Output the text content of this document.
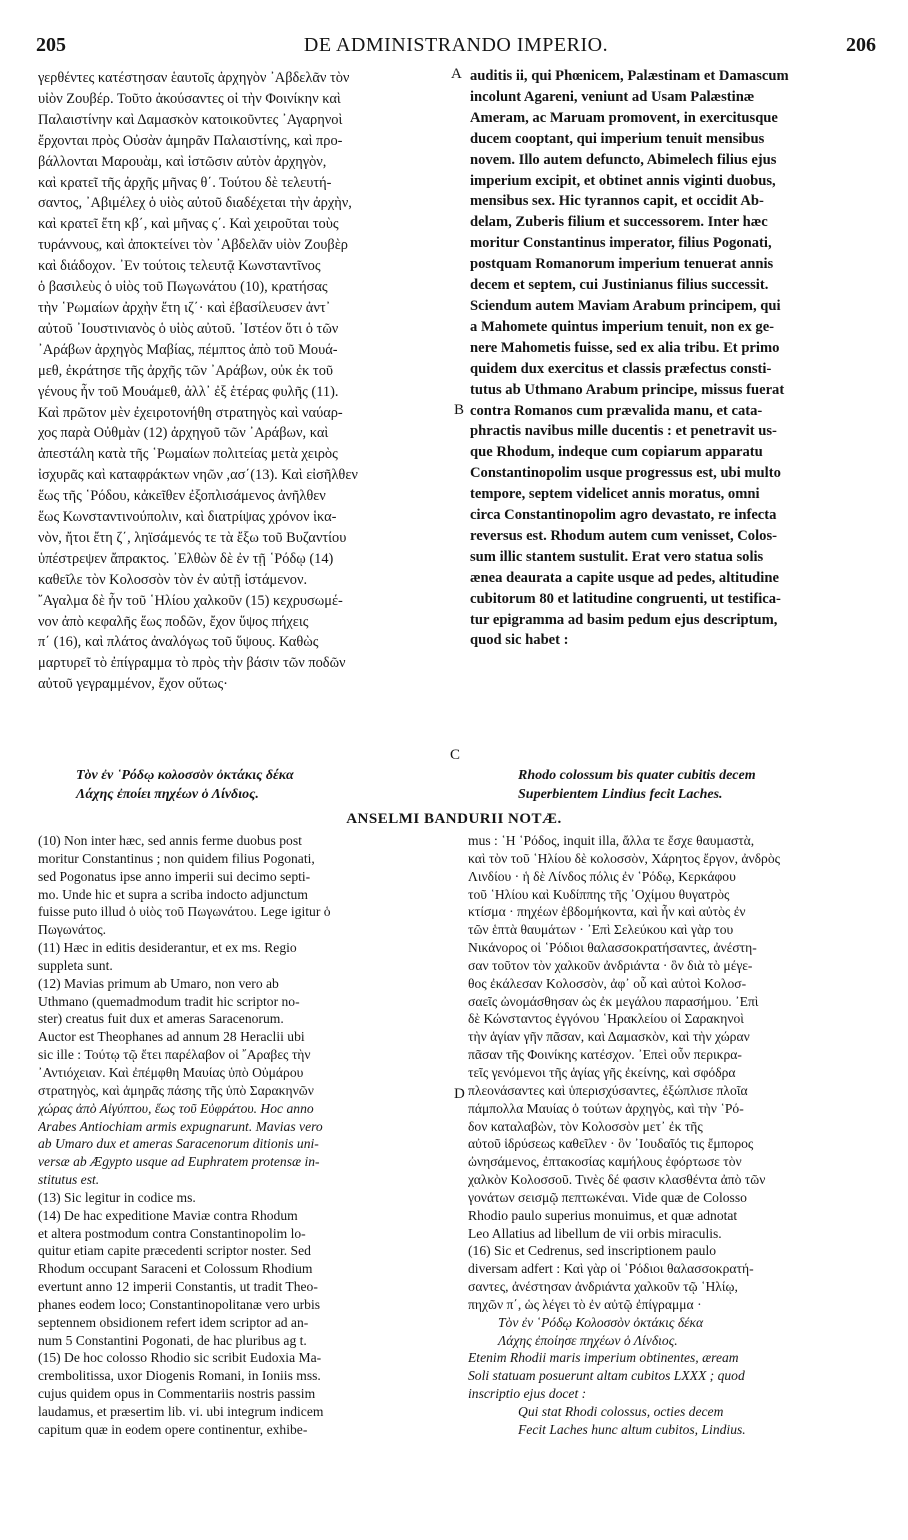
205	DE ADMINISTRANDO IMPERIO.	206
γερθέντες κατέστησαν ἑαυτοῖς ἀρχηγὸν ᾿Αβδελᾶν τὸν
υἱὸν Ζουβέρ. Τοῦτο ἀκούσαντες οἱ τὴν Φοινίκην καὶ
Παλαιστίνην καὶ Δαμασκὸν κατοικοῦντες ᾿Αγαρηνοὶ
ἔρχονται πρὸς Οὐσὰν ἀμηρᾶν Παλαιστίνης, καὶ προ-
βάλλονται Μαρουὰμ, καὶ ἱστῶσιν αὐτὸν ἀρχηγὸν,
καὶ κρατεῖ τῆς ἀρχῆς μῆνας θ΄. Τούτου δὲ τελευτή-
σαντος, ᾿Αβιμέλεχ ὁ υἱὸς αὐτοῦ διαδέχεται τὴν ἀρχὴν,
καὶ κρατεῖ ἔτη κβ΄, καὶ μῆνας ς΄. Καὶ χειροῦται τοὺς
τυράννους, καὶ ἀποκτείνει τὸν ᾿Αβδελᾶν υἱὸν Ζουβὲρ
καὶ διάδοχον. ᾿Εν τούτοις τελευτᾷ Κωνσταντῖνος
ὁ βασιλεὺς ὁ υἱὸς τοῦ Πωγωνάτου (10), κρατήσας
τὴν ῾Ρωμαίων ἀρχὴν ἔτη ιζ΄· καὶ ἐβασίλευσεν ἀντ᾿
αὐτοῦ ᾿Ιουστινιανὸς ὁ υἱὸς αὐτοῦ. ᾿Ιστέον ὅτι ὁ τῶν
᾿Αράβων ἀρχηγὸς Μαβίας, πέμπτος ἀπὸ τοῦ Μουά-
μεθ, ἐκράτησε τῆς ἀρχῆς τῶν ᾿Αράβων, οὐκ ἐκ τοῦ
γένους ἦν τοῦ Μουάμεθ, ἀλλ᾿ ἐξ ἑτέρας φυλῆς (11).
Καὶ πρῶτον μὲν ἐχειροτονήθη στρατηγὸς καὶ ναύαρ-
χος παρὰ Οὐθμὰν (12) ἀρχηγοῦ τῶν ᾿Αράβων, καὶ
ἀπεστάλη κατὰ τῆς ῾Ρωμαίων πολιτείας μετὰ χειρὸς
ἰσχυρᾶς καὶ καταφράκτων νηῶν ,ασ΄(13). Καὶ εἰσῆλθεν
ἕως τῆς ῾Ρόδου, κἀκεῖθεν ἐξοπλισάμενος ἀνῆλθεν
ἕως Κωνσταντινούπολιν, καὶ διατρίψας χρόνον ἱκα-
νὸν, ἤτοι ἔτη ζ΄, ληϊσάμενός τε τὰ ἔξω τοῦ Βυζαντίου
ὑπέστρεψεν ἄπρακτος. ᾿Ελθὼν δὲ ἐν τῇ ῾Ρόδῳ (14)
καθεῖλε τὸν Κολοσσὸν τὸν ἐν αὐτῇ ἱστάμενον.
῎Αγαλμα δὲ ἦν τοῦ ῾Ηλίου χαλκοῦν (15) κεχρυσωμέ-
νον ἀπὸ κεφαλῆς ἕως ποδῶν, ἔχον ὕψος πήχεις
π΄ (16), καὶ πλάτος ἀναλόγως τοῦ ὕψους. Καθὼς
μαρτυρεῖ τὸ ἐπίγραμμα τὸ πρὸς τὴν βάσιν τῶν ποδῶν
αὐτοῦ γεγραμμένον, ἔχον οὕτως·
auditis ii, qui Phœnicem, Palæstinam et Damascum
incolunt Agareni, veniunt ad Usam Palæstinæ
Ameram, ac Maruam promovent, in exercitusque
ducem cooptant, qui imperium tenuit mensibus
novem. Illo autem defuncto, Abimelech filius ejus
imperium excipit, et obtinet annis viginti duobus,
mensibus sex. Hic tyrannos capit, et occidit Ab-
delam, Zuberis filium et successorem. Inter hæc
moritur Constantinus imperator, filius Pogonati,
postquam Romanorum imperium tenuerat annis
decem et septem, cui Justinianus filius successit.
Sciendum autem Maviam Arabum principem, qui
a Mahomete quintus imperium tenuit, non ex ge-
nere Mahometis fuisse, sed ex alia tribu. Et primo
quidem dux exercitus et classis præfectus consti-
tutus ab Uthmano Arabum principe, missus fuerat
contra Romanos cum prævalida manu, et cata-
phractis navibus mille ducentis : et penetravit us-
que Rhodum, indeque cum copiarum apparatu
Constantinopolim usque progressus est, ubi multo
tempore, septem videlicet annis moratus, omni
circa Constantinopolim agro devastato, re infecta
reversus est. Rhodum autem cum venisset, Colos-
sum illic stantem sustulit. Erat vero statua solis
ænea deaurata a capite usque ad pedes, altitudine
cubitorum 80 et latitudine congruenti, ut testifica-
tur epigramma ad basim pedum ejus descriptum,
quod sic habet :
A
B
C
D
Τὸν ἐν ῾Ρόδῳ κολοσσὸν ὀκτάκις δέκα
Λάχης ἐποίει πηχέων ὁ Λίνδιος.
Rhodo colossum bis quater cubitis decem
Superbientem Lindius fecit Laches.
ANSELMI BANDURII NOTÆ.
(10) Non inter hæc, sed annis ferme duobus post
moritur Constantinus ; non quidem filius Pogonati,
sed Pogonatus ipse anno imperii sui decimo septi-
mo. Unde hic et supra a scriba indocto adjunctum
fuisse puto illud ὁ υἱὸς τοῦ Πωγωνάτου. Lege igitur ὁ
Πωγωνάτος.
(11) Hæc in editis desiderantur, et ex ms. Regio
suppleta sunt.
(12) Mavias primum ab Umaro, non vero ab
Uthmano (quemadmodum tradit hic scriptor no-
ster) creatus fuit dux et ameras Saracenorum.
Auctor est Theophanes ad annum 28 Heraclii ubi
sic ille : Τούτῳ τῷ ἔτει παρέλαβον οἱ ῎Αραβες τὴν
᾿Αντιόχειαν. Καὶ ἐπέμφθη Μαυίας ὑπὸ Οὐμάρου
στρατηγὸς, καὶ ἀμηρᾶς πάσης τῆς ὑπὸ Σαρακηνῶν
χώρας ἀπὸ Αἰγύπτου, ἕως τοῦ Εὐφράτου. Hoc anno
Arabes Antiochiam armis expugnarunt. Mavias vero
ab Umaro dux et ameras Saracenorum ditionis uni-
versæ ab Ægypto usque ad Euphratem protensæ in-
stitutus est.
(13) Sic legitur in codice ms.
(14) De hac expeditione Maviæ contra Rhodum
et altera postmodum contra Constantinopolim lo-
quitur etiam capite præcedenti scriptor noster. Sed
Rhodum occupant Saraceni et Colossum Rhodium
evertunt anno 12 imperii Constantis, ut tradit Theo-
phanes eodem loco; Constantinopolitanæ vero urbis
septennem obsidionem refert idem scriptor ad an-
num 5 Constantini Pogonati, de hac pluribus ag t.
(15) De hoc colosso Rhodio sic scribit Eudoxia Ma-
crembolitissa, uxor Diogenis Romani, in Ioniis mss.
cujus quidem opus in Commentariis nostris passim
laudamus, et præsertim lib. vi. ubi integrum indicem
capitum quæ in eodem opere continentur, exhibe-
mus : ῾Η ῾Ρόδος, inquit illa, ἄλλα τε ἔσχε θαυμαστὰ,
καὶ τὸν τοῦ ῾Ηλίου δὲ κολοσσὸν, Χάρητος ἔργον, ἀνδρὸς
Λινδίου · ἡ δὲ Λίνδος πόλις ἐν ῾Ρόδῳ, Κερκάφου
τοῦ ῾Ηλίου καὶ Κυδίππης τῆς ᾿Οχίμου θυγατρὸς
κτίσμα · πηχέων ἑβδομήκοντα, καὶ ἦν καὶ αὐτὸς ἐν
τῶν ἑπτὰ θαυμάτων · ᾿Επὶ Σελεύκου καὶ γὰρ του
Νικάνορος οἱ ῾Ρόδιοι θαλασσοκρατήσαντες, ἀνέστη-
σαν τοῦτον τὸν χαλκοῦν ἀνδριάντα · ὃν διὰ τὸ μέγε-
θος ἐκάλεσαν Κολοσσὸν, ἀφ᾿ οὗ καὶ αὐτοὶ Κολοσ-
σαεῖς ὠνομάσθησαν ὡς ἐκ μεγάλου παρασήμου. ᾿Επὶ
δὲ Κώνσταντος ἐγγόνου ῾Ηρακλείου οἱ Σαρακηνοὶ
τὴν ἁγίαν γῆν πᾶσαν, καὶ Δαμασκὸν, καὶ τὴν χώραν
πᾶσαν τῆς Φοινίκης κατέσχον. ᾿Επεὶ οὖν περικρα-
τεῖς γενόμενοι τῆς ἁγίας γῆς ἐκείνης, καὶ σφόδρα
πλεονάσαντες καὶ ὑπερισχύσαντες, ἐξώπλισε πλοῖα
πάμπολλα Μαυίας ὁ τούτων ἀρχηγὸς, καὶ τὴν ῾Ρό-
δον καταλαβὼν, τὸν Κολοσσὸν μετ᾿ ἐκ τῆς
αὐτοῦ ἱδρύσεως καθεῖλεν · ὃν ᾿Ιουδαῖός τις ἔμπορος
ὠνησάμενος, ἐπτακοσίας καμήλους ἐφόρτωσε τὸν
χαλκὸν Κολοσσοῦ. Τινὲς δέ φασιν κλασθέντα ἀπὸ τῶν
γονάτων σεισμῷ πεπτωκέναι. Vide quæ de Colosso
Rhodio paulo superius monuimus, et quæ adnotat
Leo Allatius ad libellum de vii orbis miraculis.
(16) Sic et Cedrenus, sed inscriptionem paulo
diversam adfert : Καὶ γὰρ οἱ ῾Ρόδιοι θαλασσοκρατή-
σαντες, ἀνέστησαν ἀνδριάντα χαλκοῦν τῷ ῾Ηλίῳ,
πηχῶν π΄, ὡς λέγει τὸ ἐν αὐτῷ ἐπίγραμμα ·
Τὸν ἐν ῾Ρόδῳ Κολοσσὸν ὀκτάκις δέκα
Λάχης ἐποίησε πηχέων ὁ Λίνδιος.
Etenim Rhodii maris imperium obtinentes, æream
Soli statuam posuerunt altam cubitos LXXX ; quod
inscriptio ejus docet :
Qui stat Rhodi colossus, octies decem
Fecit Laches hunc altum cubitos, Lindius.
